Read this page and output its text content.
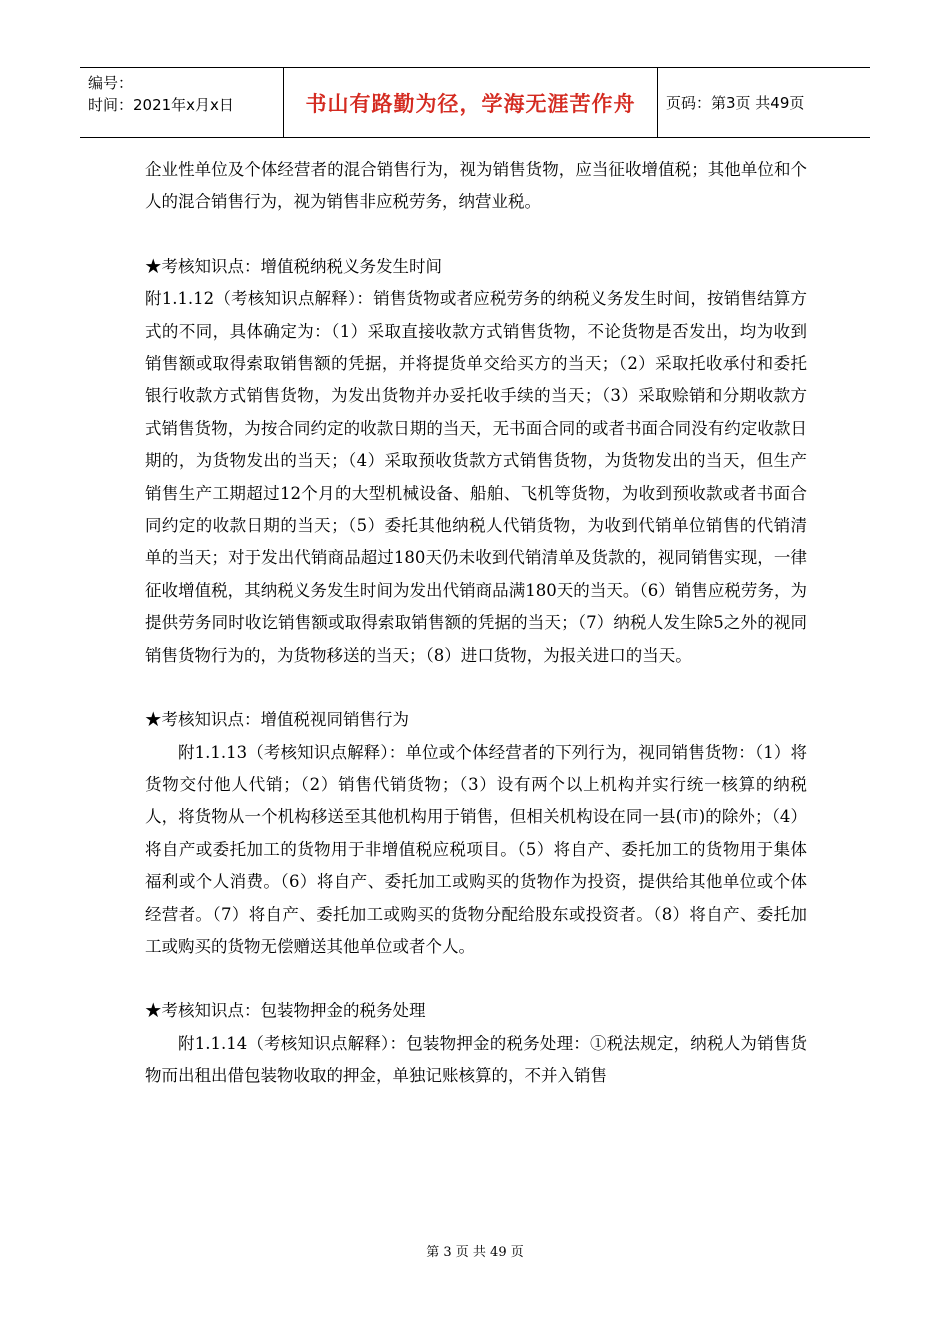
编号：
时间：2021年x月x日	书山有路勤为径，学海无涯苦作舟 页码：第3页 共49页

企业性单位及个体经营者的混合销售行为，视为销售货物，应当征收增值税；其他单位和个人的混合销售行为，视为销售非应税劳务，纳营业税。

★考核知识点：增值税纳税义务发生时间

附1.1.12（考核知识点解释）：销售货物或者应税劳务的纳税义务发生时间，按销售结算方式的不同，具体确定为：（1）采取直接收款方式销售货物，不论货物是否发出，均为收到销售额或取得索取销售额的凭据，并将提货单交给买方的当天；（2）采取托收承付和委托银行收款方式销售货物，为发出货物并办妥托收手续的当天；（3）采取赊销和分期收款方式销售货物，为按合同约定的收款日期的当天，无书面合同的或者书面合同没有约定收款日期的，为货物发出的当天；（4）采取预收货款方式销售货物，为货物发出的当天，但生产销售生产工期超过12个月的大型机械设备、船舶、飞机等货物，为收到预收款或者书面合同约定的收款日期的当天；（5）委托其他纳税人代销货物，为收到代销单位销售的代销清单的当天；对于发出代销商品超过180天仍未收到代销清单及货款的，视同销售实现，一律征收增值税，其纳税义务发生时间为发出代销商品满180天的当天。（6）销售应税劳务，为提供劳务同时收讫销售额或取得索取销售额的凭据的当天；（7）纳税人发生除5之外的视同销售货物行为的，为货物移送的当天；（8）进口货物，为报关进口的当天。

★考核知识点：增值税视同销售行为

附1.1.13（考核知识点解释）：单位或个体经营者的下列行为，视同销售货物：（1）将货物交付他人代销；（2）销售代销货物；（3）设有两个以上机构并实行统一核算的纳税人，将货物从一个机构移送至其他机构用于销售，但相关机构设在同一县(市)的除外；（4）将自产或委托加工的货物用于非增值税应税项目。（5）将自产、委托加工的货物用于集体福利或个人消费。（6）将自产、委托加工或购买的货物作为投资，提供给其他单位或个体经营者。（7）将自产、委托加工或购买的货物分配给股东或投资者。（8）将自产、委托加工或购买的货物无偿赠送其他单位或者个人。

★考核知识点：包装物押金的税务处理

附1.1.14（考核知识点解释）：包装物押金的税务处理：①税法规定，纳税人为销售货物而出租出借包装物收取的押金，单独记账核算的，不并入销售

第 3 页 共 49 页
